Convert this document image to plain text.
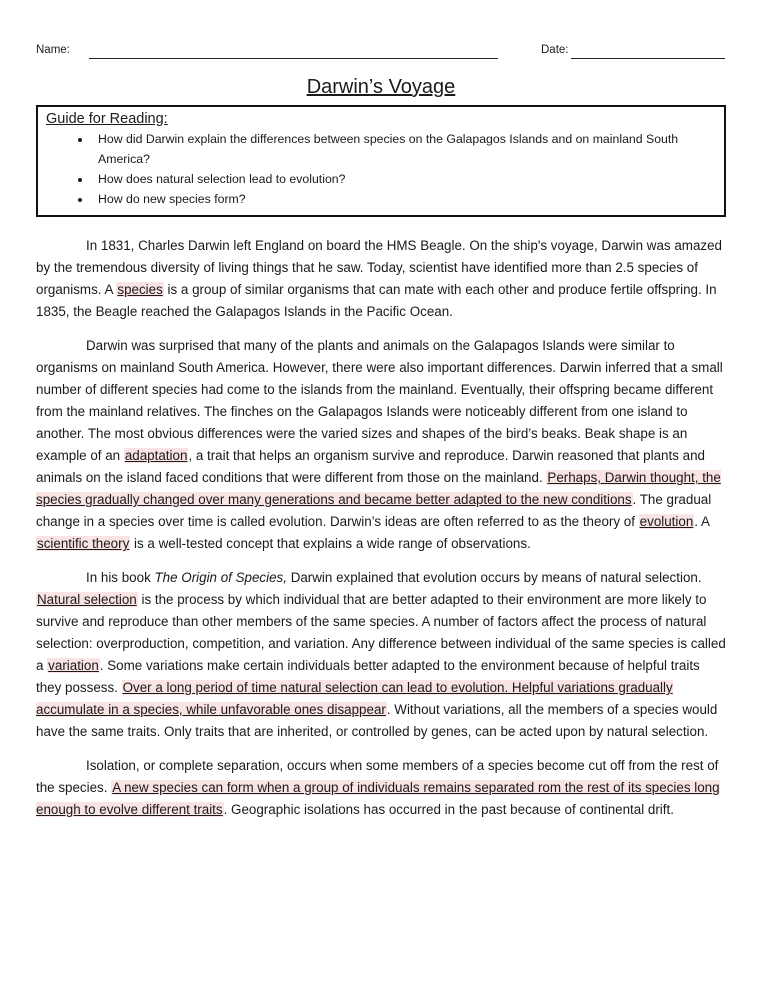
Name:	Date:
Darwin’s Voyage
Guide for Reading:
• How did Darwin explain the differences between species on the Galapagos Islands and on mainland South America?
• How does natural selection lead to evolution?
• How do new species form?

In 1831, Charles Darwin left England on board the HMS Beagle. On the ship's voyage, Darwin was amazed by the tremendous diversity of living things that he saw. Today, scientist have identified more than 2.5 species of organisms. A species is a group of similar organisms that can mate with each other and produce fertile offspring. In 1835, the Beagle reached the Galapagos Islands in the Pacific Ocean.

Darwin was surprised that many of the plants and animals on the Galapagos Islands were similar to organisms on mainland South America. However, there were also important differences. Darwin inferred that a small number of different species had come to the islands from the mainland. Eventually, their offspring became different from the mainland relatives. The finches on the Galapagos Islands were noticeably different from one island to another. The most obvious differences were the varied sizes and shapes of the bird’s beaks. Beak shape is an example of an adaptation, a trait that helps an organism survive and reproduce. Darwin reasoned that plants and animals on the island faced conditions that were different from those on the mainland. Perhaps, Darwin thought, the species gradually changed over many generations and became better adapted to the new conditions. The gradual change in a species over time is called evolution. Darwin’s ideas are often referred to as the theory of evolution. A scientific theory is a well-tested concept that explains a wide range of observations.

In his book The Origin of Species, Darwin explained that evolution occurs by means of natural selection. Natural selection is the process by which individual that are better adapted to their environment are more likely to survive and reproduce than other members of the same species. A number of factors affect the process of natural selection: overproduction, competition, and variation. Any difference between individual of the same species is called a variation. Some variations make certain individuals better adapted to the environment because of helpful traits they possess. Over a long period of time natural selection can lead to evolution. Helpful variations gradually accumulate in a species, while unfavorable ones disappear. Without variations, all the members of a species would have the same traits. Only traits that are inherited, or controlled by genes, can be acted upon by natural selection.

Isolation, or complete separation, occurs when some members of a species become cut off from the rest of the species. A new species can form when a group of individuals remains separated rom the rest of its species long enough to evolve different traits. Geographic isolations has occurred in the past because of continental drift.
